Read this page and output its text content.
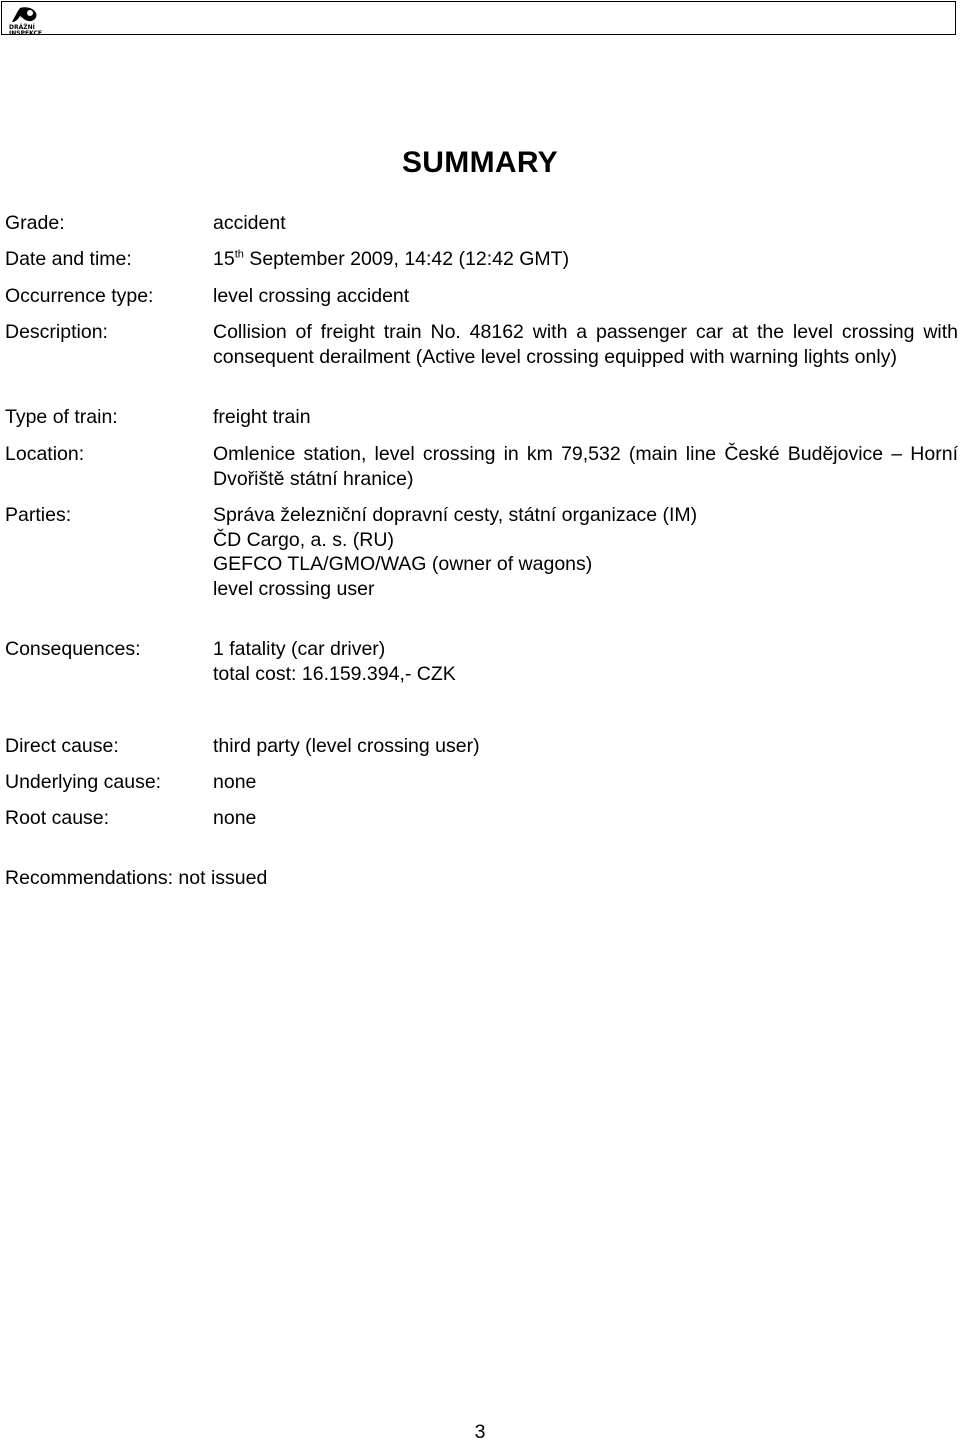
DRÁŽNÍ
INSPEKCE
SUMMARY
Grade:	accident
Date and time:	15th September 2009, 14:42 (12:42 GMT)
Occurrence type:	level crossing accident
Description:	Collision of freight train No. 48162 with a passenger car at the level crossing with consequent derailment (Active level crossing equipped with warning lights only)
Type of train:	freight train
Location:	Omlenice station, level crossing in km 79,532 (main line České Budějovice – Horní Dvořiště státní hranice)
Parties:	Správa železniční dopravní cesty, státní organizace (IM)
ČD Cargo, a. s. (RU)
GEFCO TLA/GMO/WAG (owner of wagons)
level crossing user
Consequences:	1 fatality (car driver)
total cost: 16.159.394,- CZK
Direct cause:	third party (level crossing user)
Underlying cause:	none
Root cause:	none
Recommendations: not issued
3
